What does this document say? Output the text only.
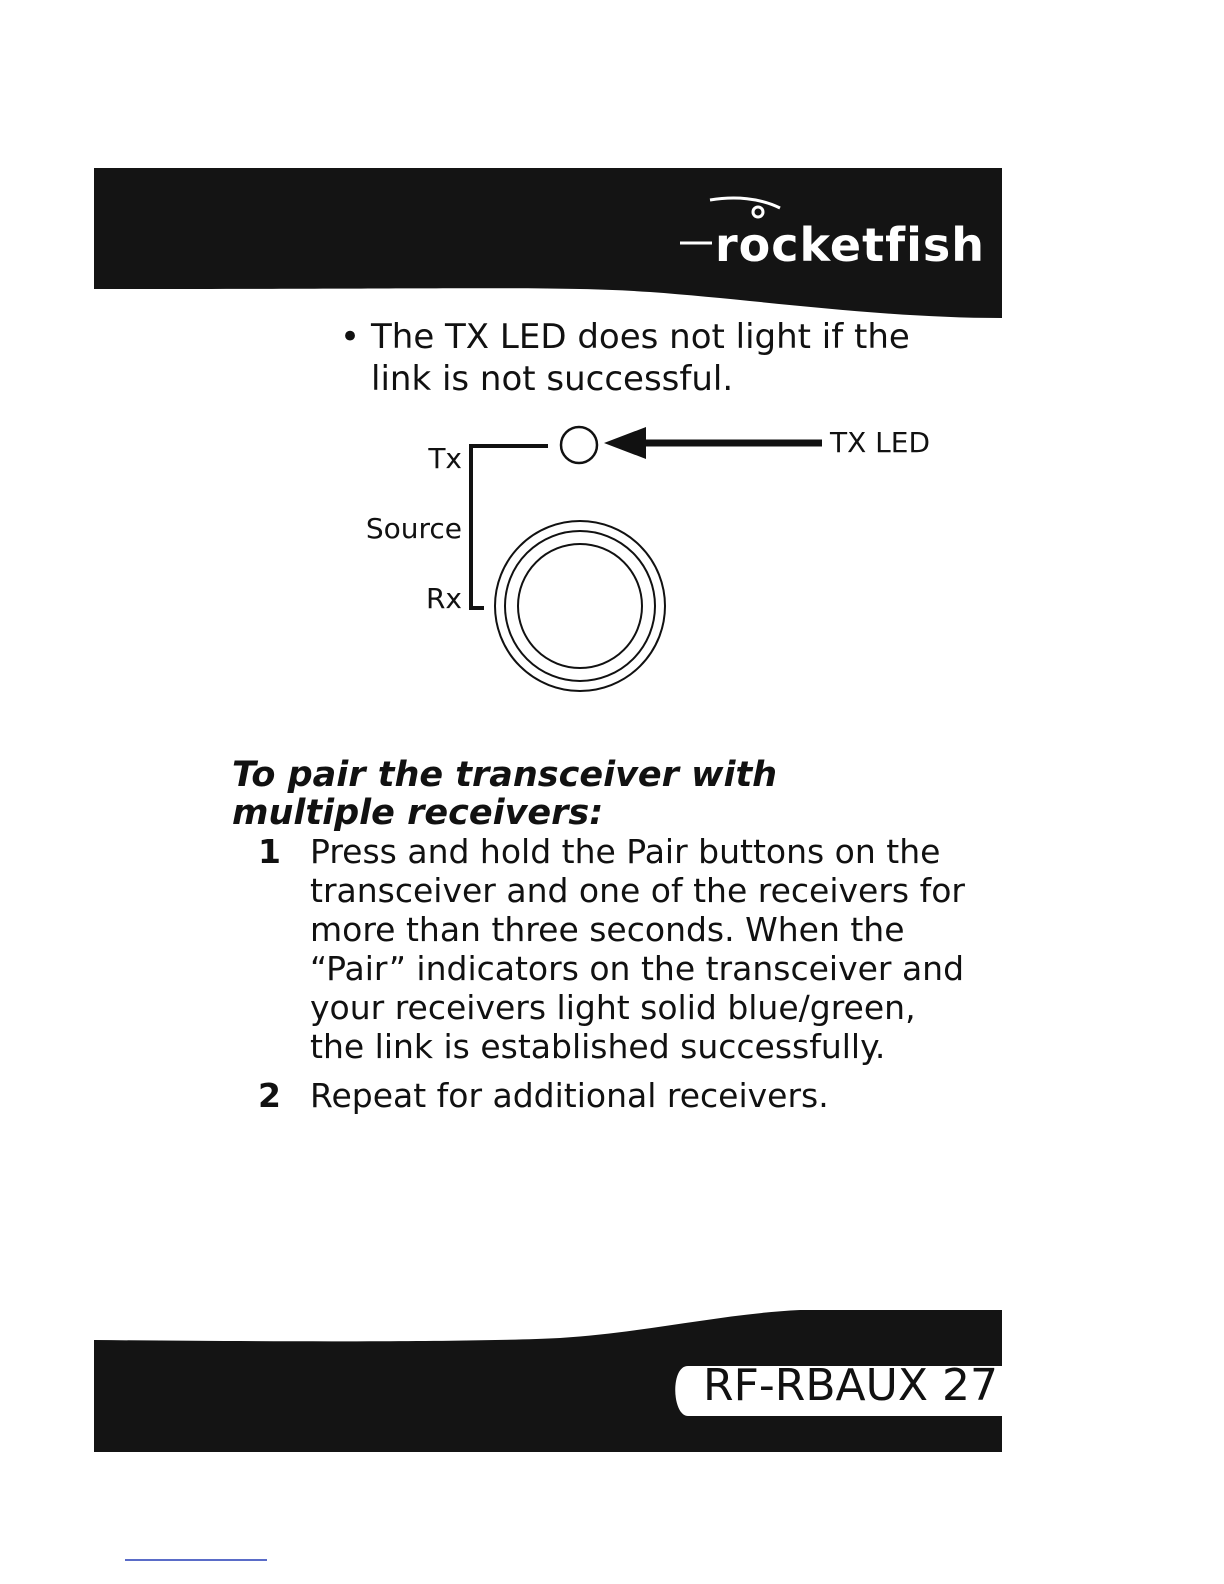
rocketfish
• The TX LED does not light if the link is not successful.
Tx
Source
Rx
TX LED
To pair the transceiver with multiple receivers:
1 Press and hold the Pair buttons on the transceiver and one of the receivers for more than three seconds. When the “Pair” indicators on the transceiver and your receivers light solid blue/green, the link is established successfully.
2 Repeat for additional receivers.
RF-RBAUX 27
